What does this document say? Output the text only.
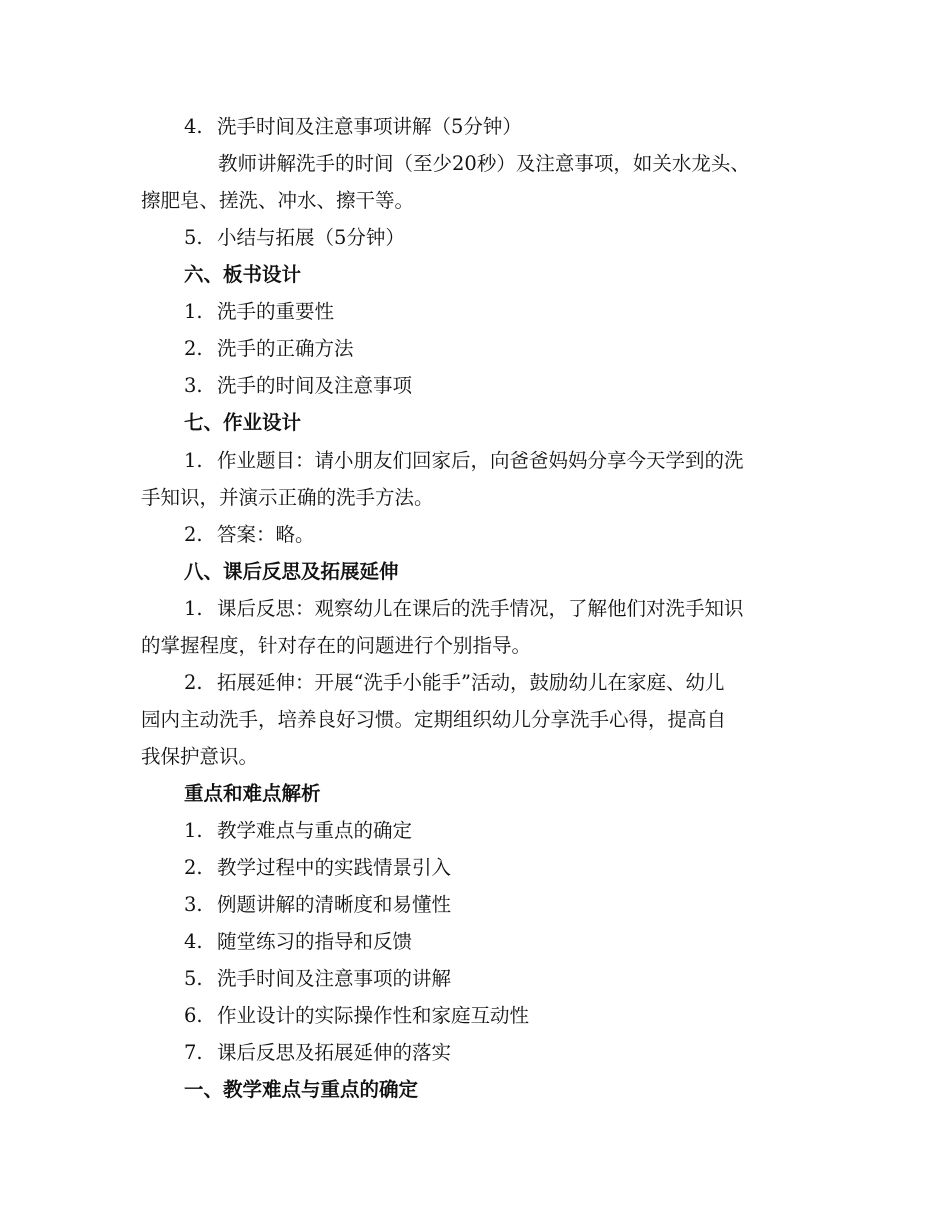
4. 洗手时间及注意事项讲解（5分钟）
教师讲解洗手的时间（至少20秒）及注意事项，如关水龙头、
擦肥皂、搓洗、冲水、擦干等。
5. 小结与拓展（5分钟）
六、板书设计
1. 洗手的重要性
2. 洗手的正确方法
3. 洗手的时间及注意事项
七、作业设计
1. 作业题目：请小朋友们回家后，向爸爸妈妈分享今天学到的洗
手知识，并演示正确的洗手方法。
2. 答案：略。
八、课后反思及拓展延伸
1. 课后反思：观察幼儿在课后的洗手情况，了解他们对洗手知识
的掌握程度，针对存在的问题进行个别指导。
2. 拓展延伸：开展“洗手小能手”活动，鼓励幼儿在家庭、幼儿
园内主动洗手，培养良好习惯。定期组织幼儿分享洗手心得，提高自
我保护意识。
重点和难点解析
1. 教学难点与重点的确定
2. 教学过程中的实践情景引入
3. 例题讲解的清晰度和易懂性
4. 随堂练习的指导和反馈
5. 洗手时间及注意事项的讲解
6. 作业设计的实际操作性和家庭互动性
7. 课后反思及拓展延伸的落实
一、教学难点与重点的确定
